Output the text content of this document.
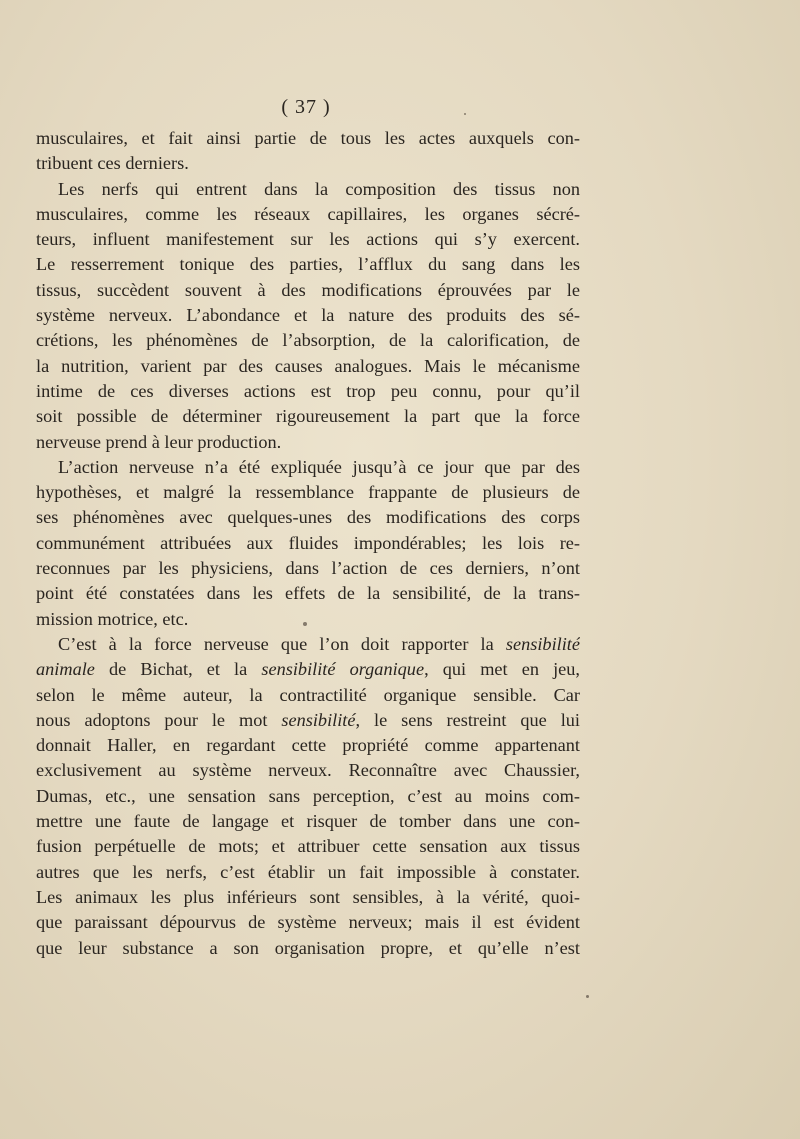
( 37 )
musculaires, et fait ainsi partie de tous les actes auxquels con-
tribuent ces derniers.
Les nerfs qui entrent dans la composition des tissus non
musculaires, comme les réseaux capillaires, les organes sécré-
teurs, influent manifestement sur les actions qui s’y exercent.
Le resserrement tonique des parties, l’afflux du sang dans les
tissus, succèdent souvent à des modifications éprouvées par le
système nerveux. L’abondance et la nature des produits des sé-
crétions, les phénomènes de l’absorption, de la calorification, de
la nutrition, varient par des causes analogues. Mais le mécanisme
intime de ces diverses actions est trop peu connu, pour qu’il
soit possible de déterminer rigoureusement la part que la force
nerveuse prend à leur production.
L’action nerveuse n’a été expliquée jusqu’à ce jour que par des
hypothèses, et malgré la ressemblance frappante de plusieurs de
ses phénomènes avec quelques-unes des modifications des corps
communément attribuées aux fluides impondérables; les lois re-
reconnues par les physiciens, dans l’action de ces derniers, n’ont
point été constatées dans les effets de la sensibilité, de la trans-
mission motrice, etc.
C’est à la force nerveuse que l’on doit rapporter la sensibilité
animale de Bichat, et la sensibilité organique, qui met en jeu,
selon le même auteur, la contractilité organique sensible. Car
nous adoptons pour le mot sensibilité, le sens restreint que lui
donnait Haller, en regardant cette propriété comme appartenant
exclusivement au système nerveux. Reconnaître avec Chaussier,
Dumas, etc., une sensation sans perception, c’est au moins com-
mettre une faute de langage et risquer de tomber dans une con-
fusion perpétuelle de mots; et attribuer cette sensation aux tissus
autres que les nerfs, c’est établir un fait impossible à constater.
Les animaux les plus inférieurs sont sensibles, à la vérité, quoi-
que paraissant dépourvus de système nerveux; mais il est évident
que leur substance a son organisation propre, et qu’elle n’est
